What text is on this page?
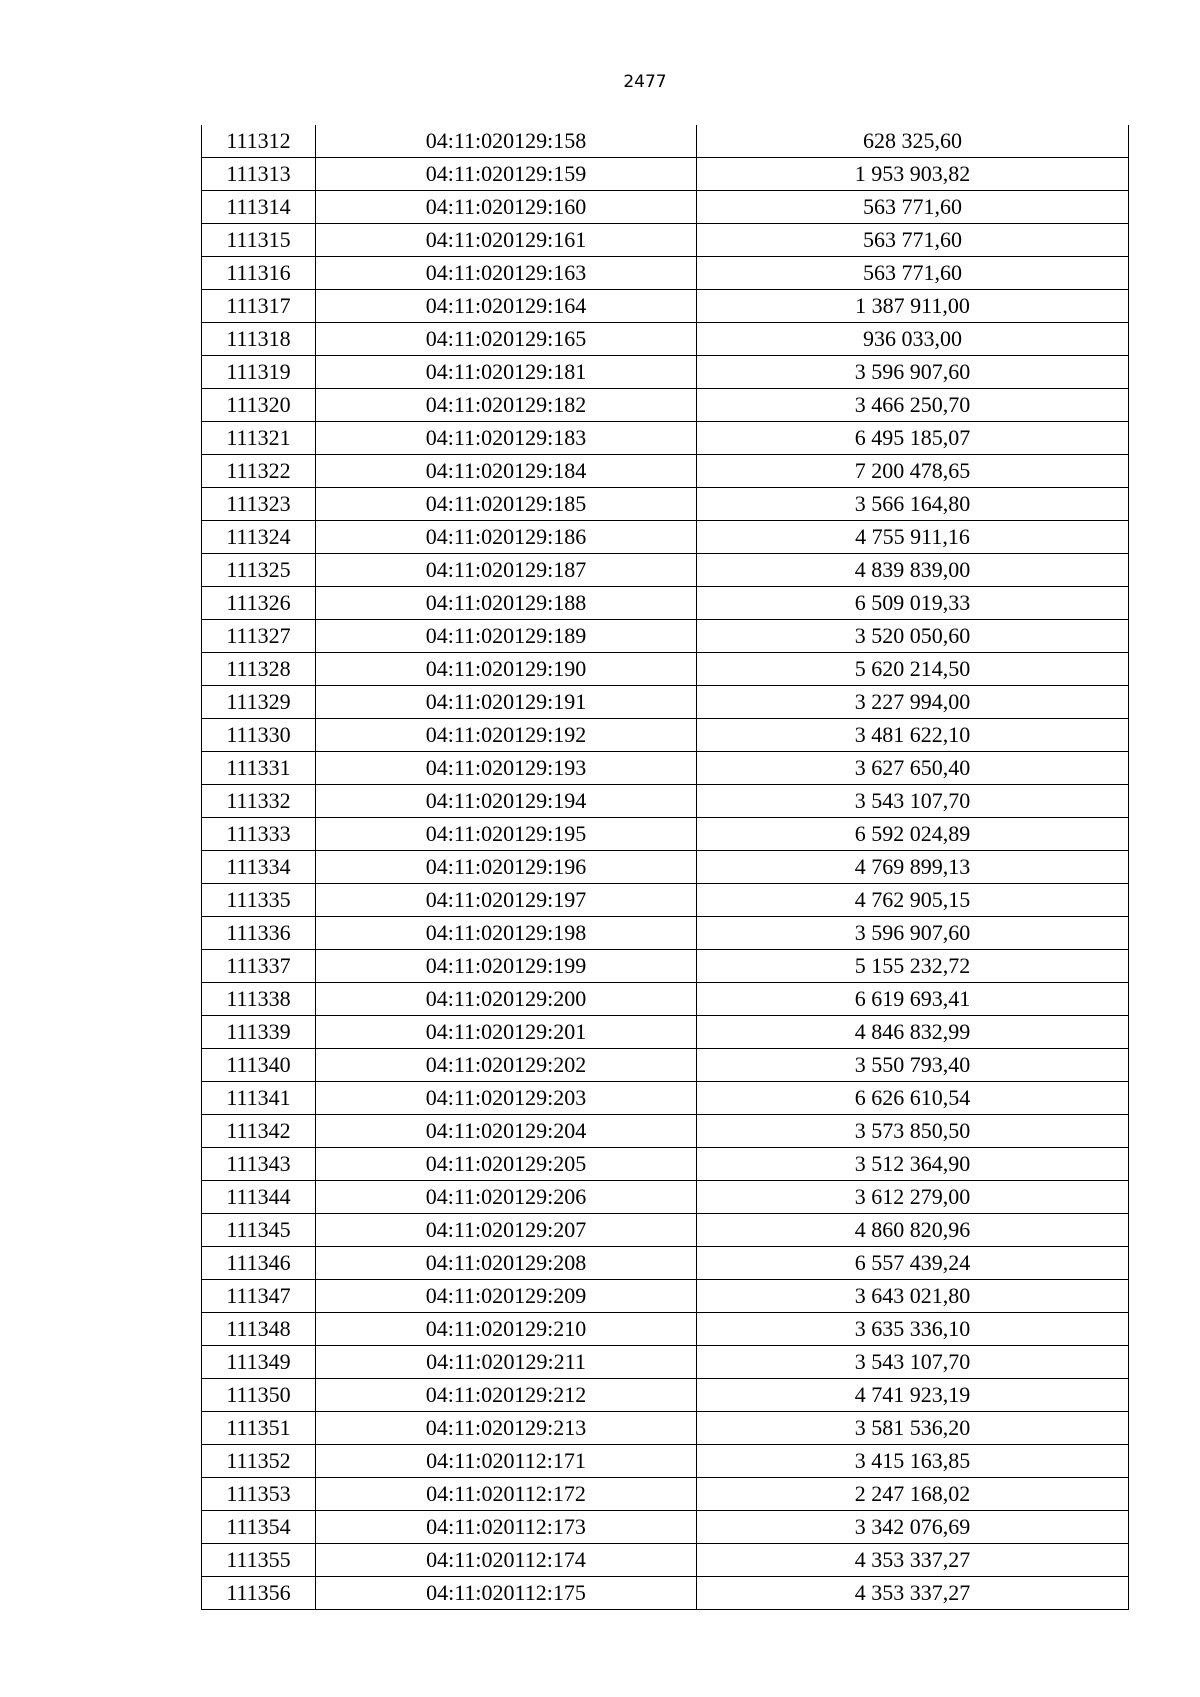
2477
111312	04:11:020129:158	628 325,60
111313	04:11:020129:159	1 953 903,82
111314	04:11:020129:160	563 771,60
111315	04:11:020129:161	563 771,60
111316	04:11:020129:163	563 771,60
111317	04:11:020129:164	1 387 911,00
111318	04:11:020129:165	936 033,00
111319	04:11:020129:181	3 596 907,60
111320	04:11:020129:182	3 466 250,70
111321	04:11:020129:183	6 495 185,07
111322	04:11:020129:184	7 200 478,65
111323	04:11:020129:185	3 566 164,80
111324	04:11:020129:186	4 755 911,16
111325	04:11:020129:187	4 839 839,00
111326	04:11:020129:188	6 509 019,33
111327	04:11:020129:189	3 520 050,60
111328	04:11:020129:190	5 620 214,50
111329	04:11:020129:191	3 227 994,00
111330	04:11:020129:192	3 481 622,10
111331	04:11:020129:193	3 627 650,40
111332	04:11:020129:194	3 543 107,70
111333	04:11:020129:195	6 592 024,89
111334	04:11:020129:196	4 769 899,13
111335	04:11:020129:197	4 762 905,15
111336	04:11:020129:198	3 596 907,60
111337	04:11:020129:199	5 155 232,72
111338	04:11:020129:200	6 619 693,41
111339	04:11:020129:201	4 846 832,99
111340	04:11:020129:202	3 550 793,40
111341	04:11:020129:203	6 626 610,54
111342	04:11:020129:204	3 573 850,50
111343	04:11:020129:205	3 512 364,90
111344	04:11:020129:206	3 612 279,00
111345	04:11:020129:207	4 860 820,96
111346	04:11:020129:208	6 557 439,24
111347	04:11:020129:209	3 643 021,80
111348	04:11:020129:210	3 635 336,10
111349	04:11:020129:211	3 543 107,70
111350	04:11:020129:212	4 741 923,19
111351	04:11:020129:213	3 581 536,20
111352	04:11:020112:171	3 415 163,85
111353	04:11:020112:172	2 247 168,02
111354	04:11:020112:173	3 342 076,69
111355	04:11:020112:174	4 353 337,27
111356	04:11:020112:175	4 353 337,27
